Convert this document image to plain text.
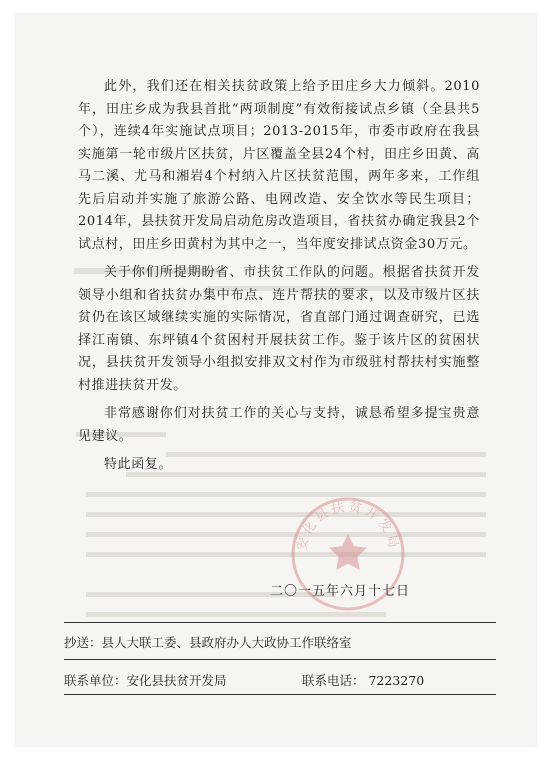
此外，我们还在相关扶贫政策上给予田庄乡大力倾斜。2010年，田庄乡成为我县首批“两项制度”有效衔接试点乡镇（全县共5个），连续4年实施试点项目；2013-2015年，市委市政府在我县实施第一轮市级片区扶贫，片区覆盖全县24个村，田庄乡田黄、高马二溪、尤马和湘岩4个村纳入片区扶贫范围，两年多来，工作组先后启动并实施了旅游公路、电网改造、安全饮水等民生项目；2014年，县扶贫开发局启动危房改造项目，省扶贫办确定我县2个试点村，田庄乡田黄村为其中之一，当年度安排试点资金30万元。

关于你们所提期盼省、市扶贫工作队的问题。根据省扶贫开发领导小组和省扶贫办集中布点、连片帮扶的要求，以及市级片区扶贫仍在该区域继续实施的实际情况，省直部门通过调查研究，已选择江南镇、东坪镇4个贫困村开展扶贫工作。鉴于该片区的贫困状况，县扶贫开发领导小组拟安排双文村作为市级驻村帮扶村实施整村推进扶贫开发。

非常感谢你们对扶贫工作的关心与支持，诚恳希望多提宝贵意见建议。

特此函复。

安化县扶贫开发局
二〇一五年六月十七日
抄送：县人大联工委、县政府办人大政协工作联络室
联系单位：安化县扶贫开发局	联系电话： 7223270
